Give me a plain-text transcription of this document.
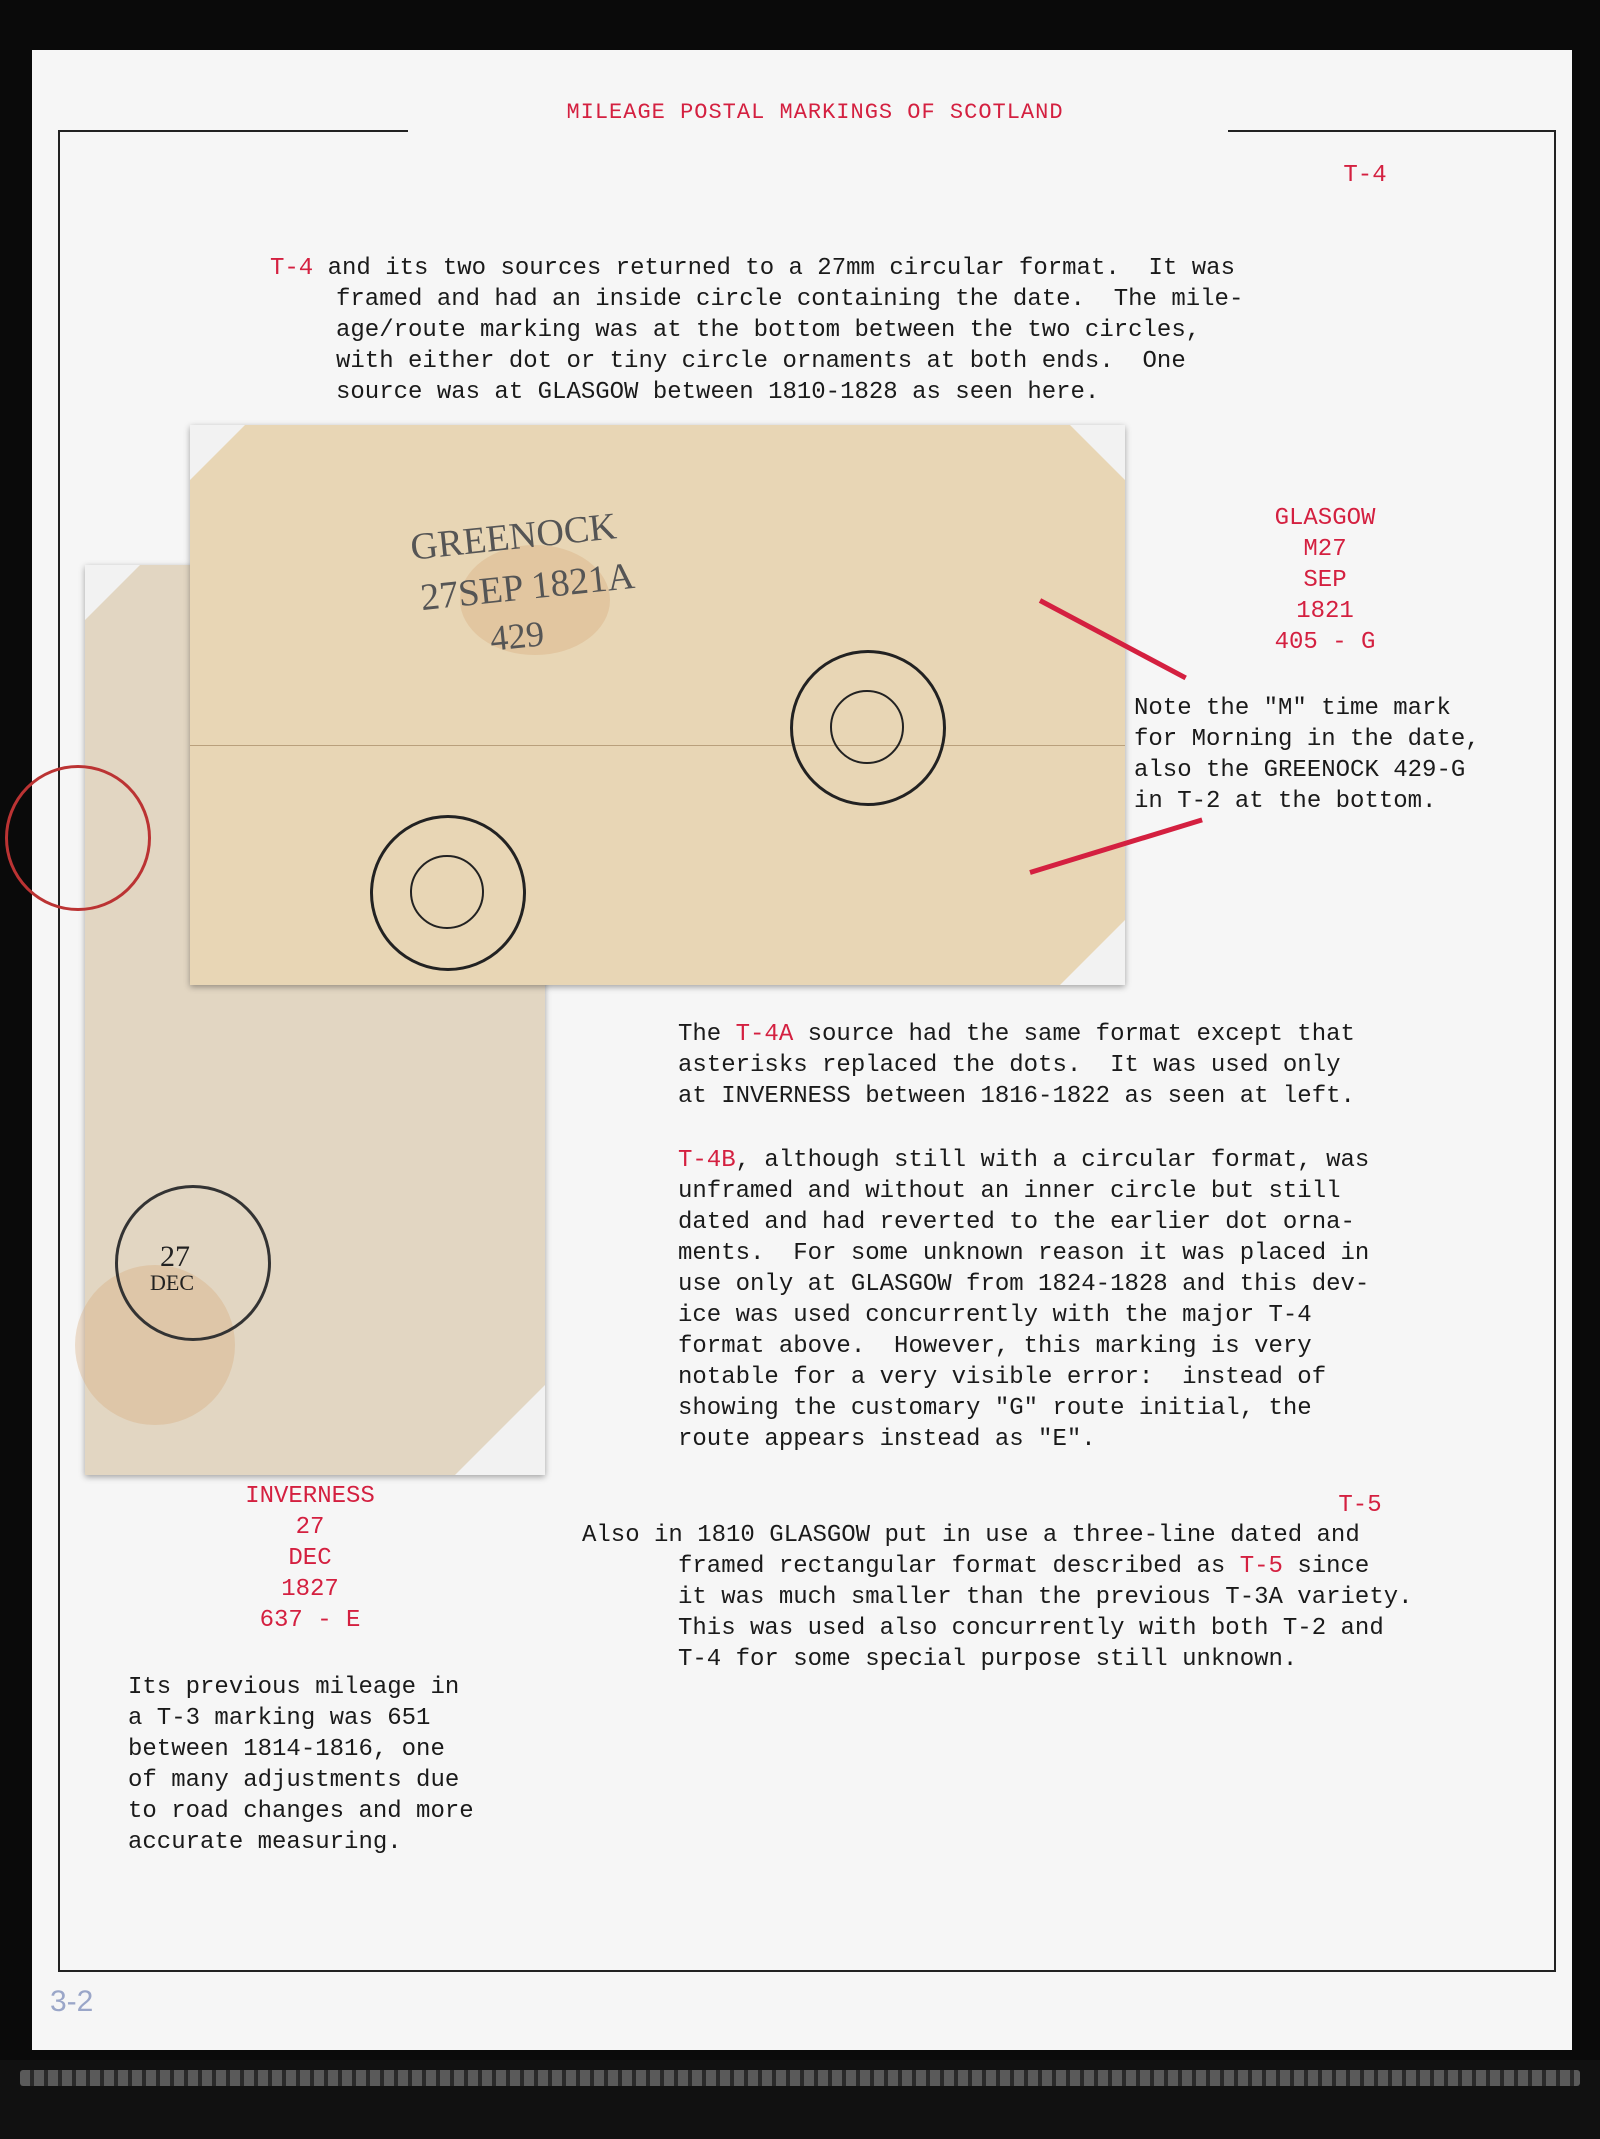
MILEAGE POSTAL MARKINGS OF SCOTLAND
T-4
T-4 and its two sources returned to a 27mm circular format.  It was
framed and had an inside circle containing the date.  The mile-
age/route marking was at the bottom between the two circles,
with either dot or tiny circle ornaments at both ends.  One
source was at GLASGOW between 1810-1828 as seen here.
27
DEC
GREENOCK
27SEP 1821A
429
GLASGOW
M27
SEP
1821
405 - G
Note the "M" time mark
for Morning in the date,
also the GREENOCK 429-G
in T-2 at the bottom.
The T-4A source had the same format except that
asterisks replaced the dots.  It was used only
at INVERNESS between 1816-1822 as seen at left.
T-4B, although still with a circular format, was
unframed and without an inner circle but still
dated and had reverted to the earlier dot orna-
ments.  For some unknown reason it was placed in
use only at GLASGOW from 1824-1828 and this dev-
ice was used concurrently with the major T-4
format above.  However, this marking is very
notable for a very visible error:  instead of
showing the customary "G" route initial, the
route appears instead as "E".
INVERNESS
27
DEC
1827
637 - E
Its previous mileage in
a T-3 marking was 651
between 1814-1816, one
of many adjustments due
to road changes and more
accurate measuring.
T-5
Also in 1810 GLASGOW put in use a three-line dated and
framed rectangular format described as T-5 since
it was much smaller than the previous T-3A variety.
This was used also concurrently with both T-2 and
T-4 for some special purpose still unknown.
3-2
